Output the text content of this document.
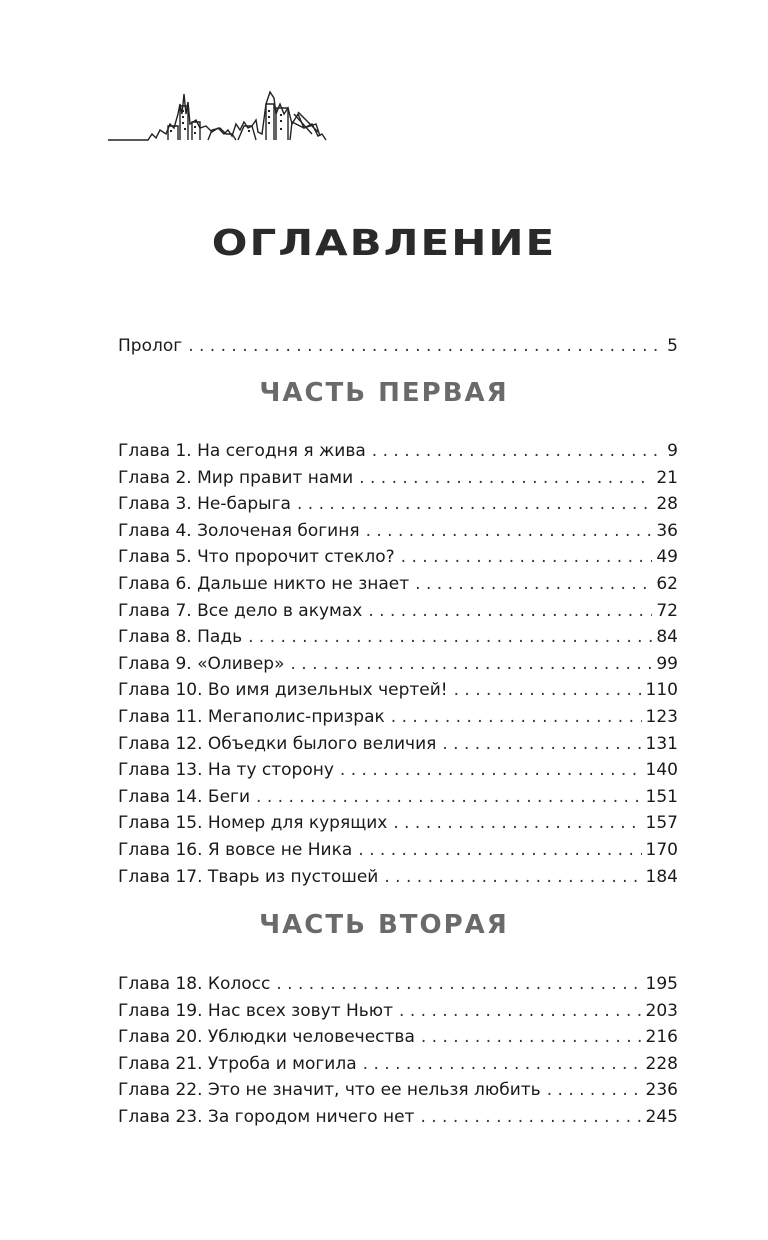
ОГЛАВЛЕНИЕ
Пролог . . .	5
ЧАСТЬ ПЕРВАЯ
Глава 1. На сегодня я жива . . .	9
Глава 2. Мир правит нами . . .	21
Глава 3. Не-барыга . . .	28
Глава 4. Золоченая богиня . . .	36
Глава 5. Что пророчит стекло? . . .	49
Глава 6. Дальше никто не знает . . .	62
Глава 7. Все дело в акумах . . .	72
Глава 8. Падь . . .	84
Глава 9. «Оливер» . . .	99
Глава 10. Во имя дизельных чертей! . . .	110
Глава 11. Мегаполис-призрак . . .	123
Глава 12. Объедки былого величия . . .	131
Глава 13. На ту сторону . . .	140
Глава 14. Беги . . .	151
Глава 15. Номер для курящих . . .	157
Глава 16. Я вовсе не Ника . . .	170
Глава 17. Тварь из пустошей . . .	184
ЧАСТЬ ВТОРАЯ
Глава 18. Колосс . . .	195
Глава 19. Нас всех зовут Ньют . . .	203
Глава 20. Ублюдки человечества . . .	216
Глава 21. Утроба и могила . . .	228
Глава 22. Это не значит, что ее нельзя любить . . .	236
Глава 23. За городом ничего нет . . .	245
